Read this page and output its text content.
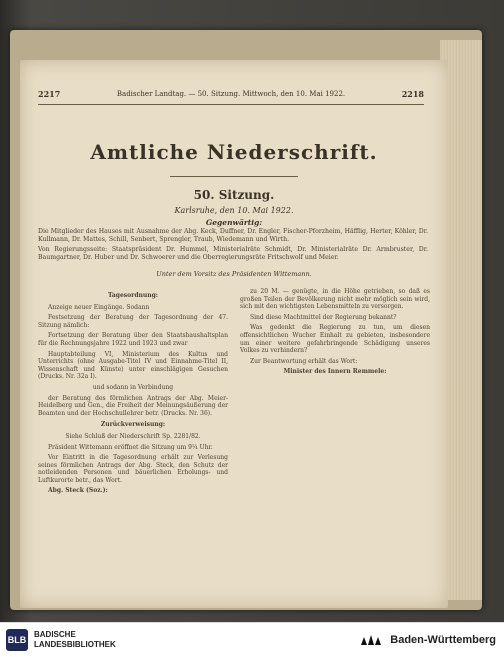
2217	Badischer Landtag. — 50. Sitzung. Mittwoch, den 10. Mai 1922.	2218
Amtliche Niederschrift.
50. Sitzung.
Karlsruhe, den 10. Mai 1922.
Gegenwärtig:
Die Mitglieder des Hauses mit Ausnahme der Abg. Keck, Duffner, Dr. Engler, Fischer-Pforzheim, Häfflig, Herter, Köhler, Dr. Kullmann, Dr. Mattes, Schill, Senbert, Sprengler, Traub, Wiedemann und Wirth.
Von Regierungsseite: Staatspräsident Dr. Hummel, Ministerialräte Schmidt, Dr. Ministerialräte Dr. Armbruster, Dr. Baumgartner, Dr. Huber und Dr. Schwoerer und die Oberregierungsräte Fritschwolf und Meier.
Unter dem Vorsitz des Präsidenten Wittemann.

Tagesordnung:

Anzeige neuer Eingänge. Sodann

Festsetzung der Beratung der Tagesordnung der 47. Sitzung nämlich:

Fortsetzung der Beratung über den Staatshaushaltsplan für die Rechnungsjahre 1922 und 1923 und zwar

Hauptabteilung VI, Ministerium des Kultus und Unterrichts (ohne Ausgabe-Titel IV und Einnahme-Titel II, Wissenschaft und Künste) unter einschlägigen Gesuchen (Drucks. Nr. 32a I).

und sodann in Verbindung

der Beratung des förmlichen Antrags der Abg. Meier-Heidelberg und Gen., die Freiheit der Meinungsäußerung der Beamten und der Hochschullehrer betr. (Drucks. Nr. 36).

Zurückverweisung:

Siehe Schluß der Niederschrift Sp. 2281/82.

Präsident Wittemann eröffnet die Sitzung um 9¼ Uhr.

Vor Eintritt in die Tagesordnung erhält zur Verlesung seines förmlichen Antrags der Abg. Steck, den Schutz der notleidenden Personen und bäuerlichen Erholungs- und Luftkurorte betr., das Wort.

Abg. Steck (Soz.):

zu 20 M. — genügte, in die Höhe getrieben, so daß es großen Teilen der Bevölkerung nicht mehr möglich sein wird, sich mit den wichtigsten Lebensmitteln zu versorgen.

Sind diese Machtmittel der Regierung bekannt?

Was gedenkt die Regierung zu tun, um diesen offensichtlichen Wucher Einhalt zu gebieten, insbesondere um einer weitere gefahrbringende Schädigung unseres Volkes zu verhindern?

Zur Beantwortung erhält das Wort:

Minister des Innern Remmele:

BLB
BADISCHE
LANDESBIBLIOTHEK	Baden-Württemberg
